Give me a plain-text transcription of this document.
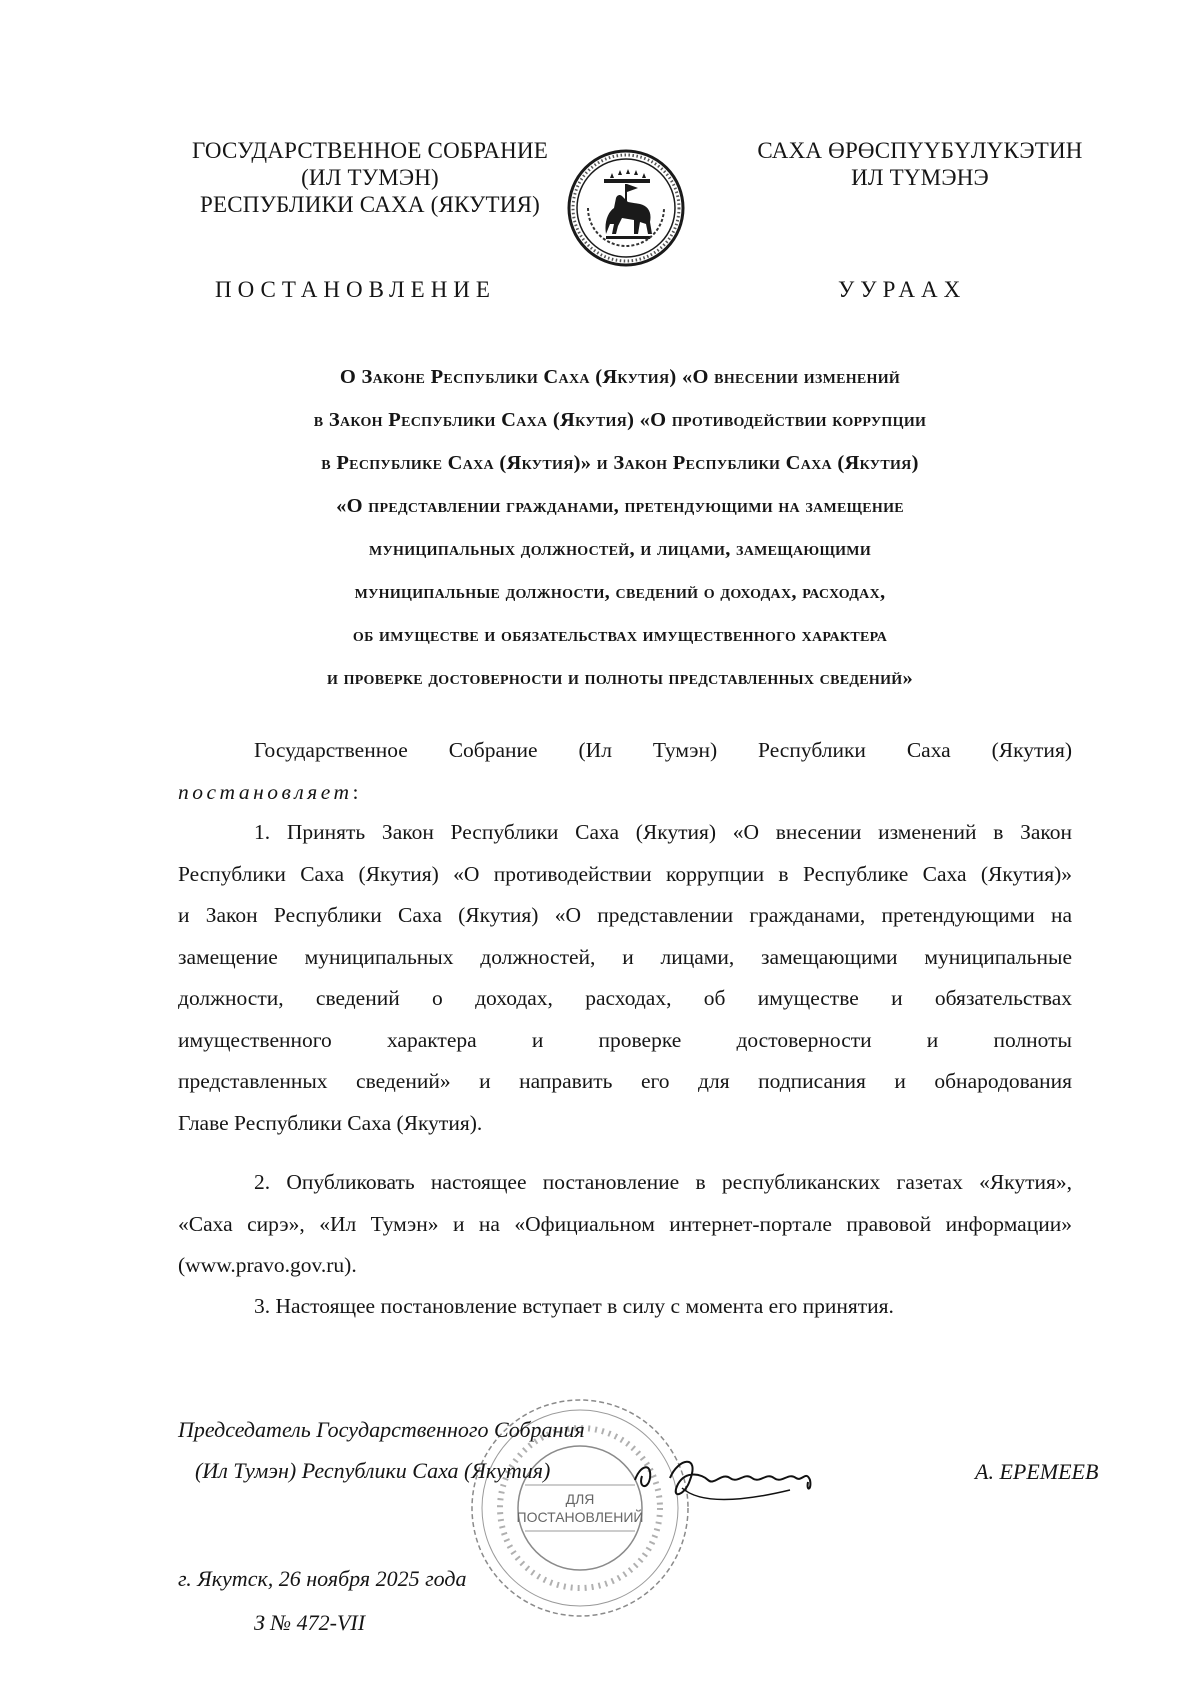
ГОСУДАРСТВЕННОЕ СОБРАНИЕ
(ИЛ ТУМЭН)
РЕСПУБЛИКИ САХА (ЯКУТИЯ)
САХА ӨРӨСПҮҮБҮЛҮКЭТИН
ИЛ ТҮМЭНЭ
ПОСТАНОВЛЕНИЕ	УУРААХ
О Законе Республики Саха (Якутия) «О внесении изменений
в Закон Республики Саха (Якутия) «О противодействии коррупции
в Республике Саха (Якутия)» и Закон Республики Саха (Якутия)
«О представлении гражданами, претендующими на замещение
муниципальных должностей, и лицами, замещающими
муниципальные должности, сведений о доходах, расходах,
об имуществе и обязательствах имущественного характера
и проверке достоверности и полноты представленных сведений»
Государственное Собрание (Ил Тумэн) Республики Саха (Якутия)
постановляет:
1. Принять Закон Республики Саха (Якутия) «О внесении изменений в Закон
Республики Саха (Якутия) «О противодействии коррупции в Республике Саха (Якутия)»
и Закон Республики Саха (Якутия) «О представлении гражданами, претендующими на
замещение муниципальных должностей, и лицами, замещающими муниципальные
должности, сведений о доходах, расходах, об имуществе и обязательствах
имущественного характера и проверке достоверности и полноты
представленных сведений» и направить его для подписания и обнародования
Главе Республики Саха (Якутия).
2. Опубликовать настоящее постановление в республиканских газетах «Якутия»,
«Саха сирэ», «Ил Тумэн» и на «Официальном интернет-портале правовой информации»
(www.pravo.gov.ru).
3. Настоящее постановление вступает в силу с момента его принятия.
ДЛЯ
ПОСТАНОВЛЕНИЙ
Председатель Государственного Собрания
(Ил Тумэн) Республики Саха (Якутия)	А. ЕРЕМЕЕВ
г. Якутск, 26 ноября 2025 года
З № 472-VII
